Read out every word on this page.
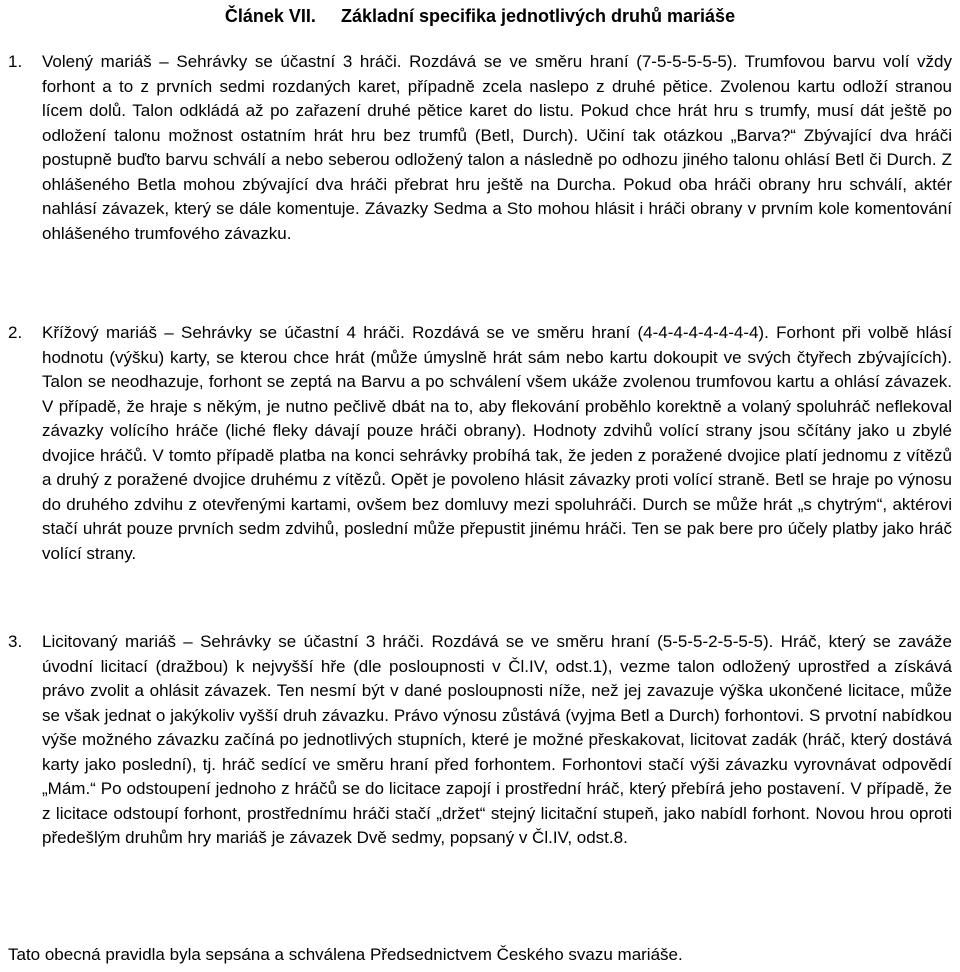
Článek VII. Základní specifika jednotlivých druhů mariáše

1.	Volený mariáš – Sehrávky se účastní 3 hráči. Rozdává se ve směru hraní (7-5-5-5-5-5). Trumfovou barvu volí vždy forhont a to z prvních sedmi rozdaných karet, případně zcela naslepo z druhé pětice. Zvolenou kartu odloží stranou lícem dolů. Talon odkládá až po zařazení druhé pětice karet do listu. Pokud chce hrát hru s trumfy, musí dát ještě po odložení talonu možnost ostatním hrát hru bez trumfů (Betl, Durch). Učiní tak otázkou „Barva?“ Zbývající dva hráči postupně buďto barvu schválí a nebo seberou odložený talon a následně po odhozu jiného talonu ohlásí Betl či Durch. Z ohlášeného Betla mohou zbývající dva hráči přebrat hru ještě na Durcha. Pokud oba hráči obrany hru schválí, aktér nahlásí závazek, který se dále komentuje. Závazky Sedma a Sto mohou hlásit i hráči obrany v prvním kole komentování ohlášeného trumfového závazku.

2.	Křížový mariáš – Sehrávky se účastní 4 hráči. Rozdává se ve směru hraní (4-4-4-4-4-4-4-4). Forhont při volbě hlásí hodnotu (výšku) karty, se kterou chce hrát (může úmyslně hrát sám nebo kartu dokoupit ve svých čtyřech zbývajících). Talon se neodhazuje, forhont se zeptá na Barvu a po schválení všem ukáže zvolenou trumfovou kartu a ohlásí závazek. V případě, že hraje s někým, je nutno pečlivě dbát na to, aby flekování proběhlo korektně a volaný spoluhráč neflekoval závazky volícího hráče (liché fleky dávají pouze hráči obrany). Hodnoty zdvihů volící strany jsou sčítány jako u zbylé dvojice hráčů. V tomto případě platba na konci sehrávky probíhá tak, že jeden z poražené dvojice platí jednomu z vítězů a druhý z poražené dvojice druhému z vítězů. Opět je povoleno hlásit závazky proti volící straně. Betl se hraje po výnosu do druhého zdvihu z otevřenými kartami, ovšem bez domluvy mezi spoluhráči. Durch se může hrát „s chytrým“, aktérovi stačí uhrát pouze prvních sedm zdvihů, poslední může přepustit jinému hráči. Ten se pak bere pro účely platby jako hráč volící strany.

3.	Licitovaný mariáš – Sehrávky se účastní 3 hráči. Rozdává se ve směru hraní (5-5-5-2-5-5-5). Hráč, který se zaváže úvodní licitací (dražbou) k nejvyšší hře (dle posloupnosti v Čl.IV, odst.1), vezme talon odložený uprostřed a získává právo zvolit a ohlásit závazek. Ten nesmí být v dané posloupnosti níže, než jej zavazuje výška ukončené licitace, může se však jednat o jakýkoliv vyšší druh závazku. Právo výnosu zůstává (vyjma Betl a Durch) forhontovi. S prvotní nabídkou výše možného závazku začíná po jednotlivých stupních, které je možné přeskakovat, licitovat zadák (hráč, který dostává karty jako poslední), tj. hráč sedící ve směru hraní před forhontem. Forhontovi stačí výši závazku vyrovnávat odpovědí „Mám.“ Po odstoupení jednoho z hráčů se do licitace zapojí i prostřední hráč, který přebírá jeho postavení. V případě, že z licitace odstoupí forhont, prostřednímu hráči stačí „držet“ stejný licitační stupeň, jako nabídl forhont. Novou hrou oproti předešlým druhům hry mariáš je závazek Dvě sedmy, popsaný v Čl.IV, odst.8.

Tato obecná pravidla byla sepsána a schválena Předsednictvem Českého svazu mariáše.
